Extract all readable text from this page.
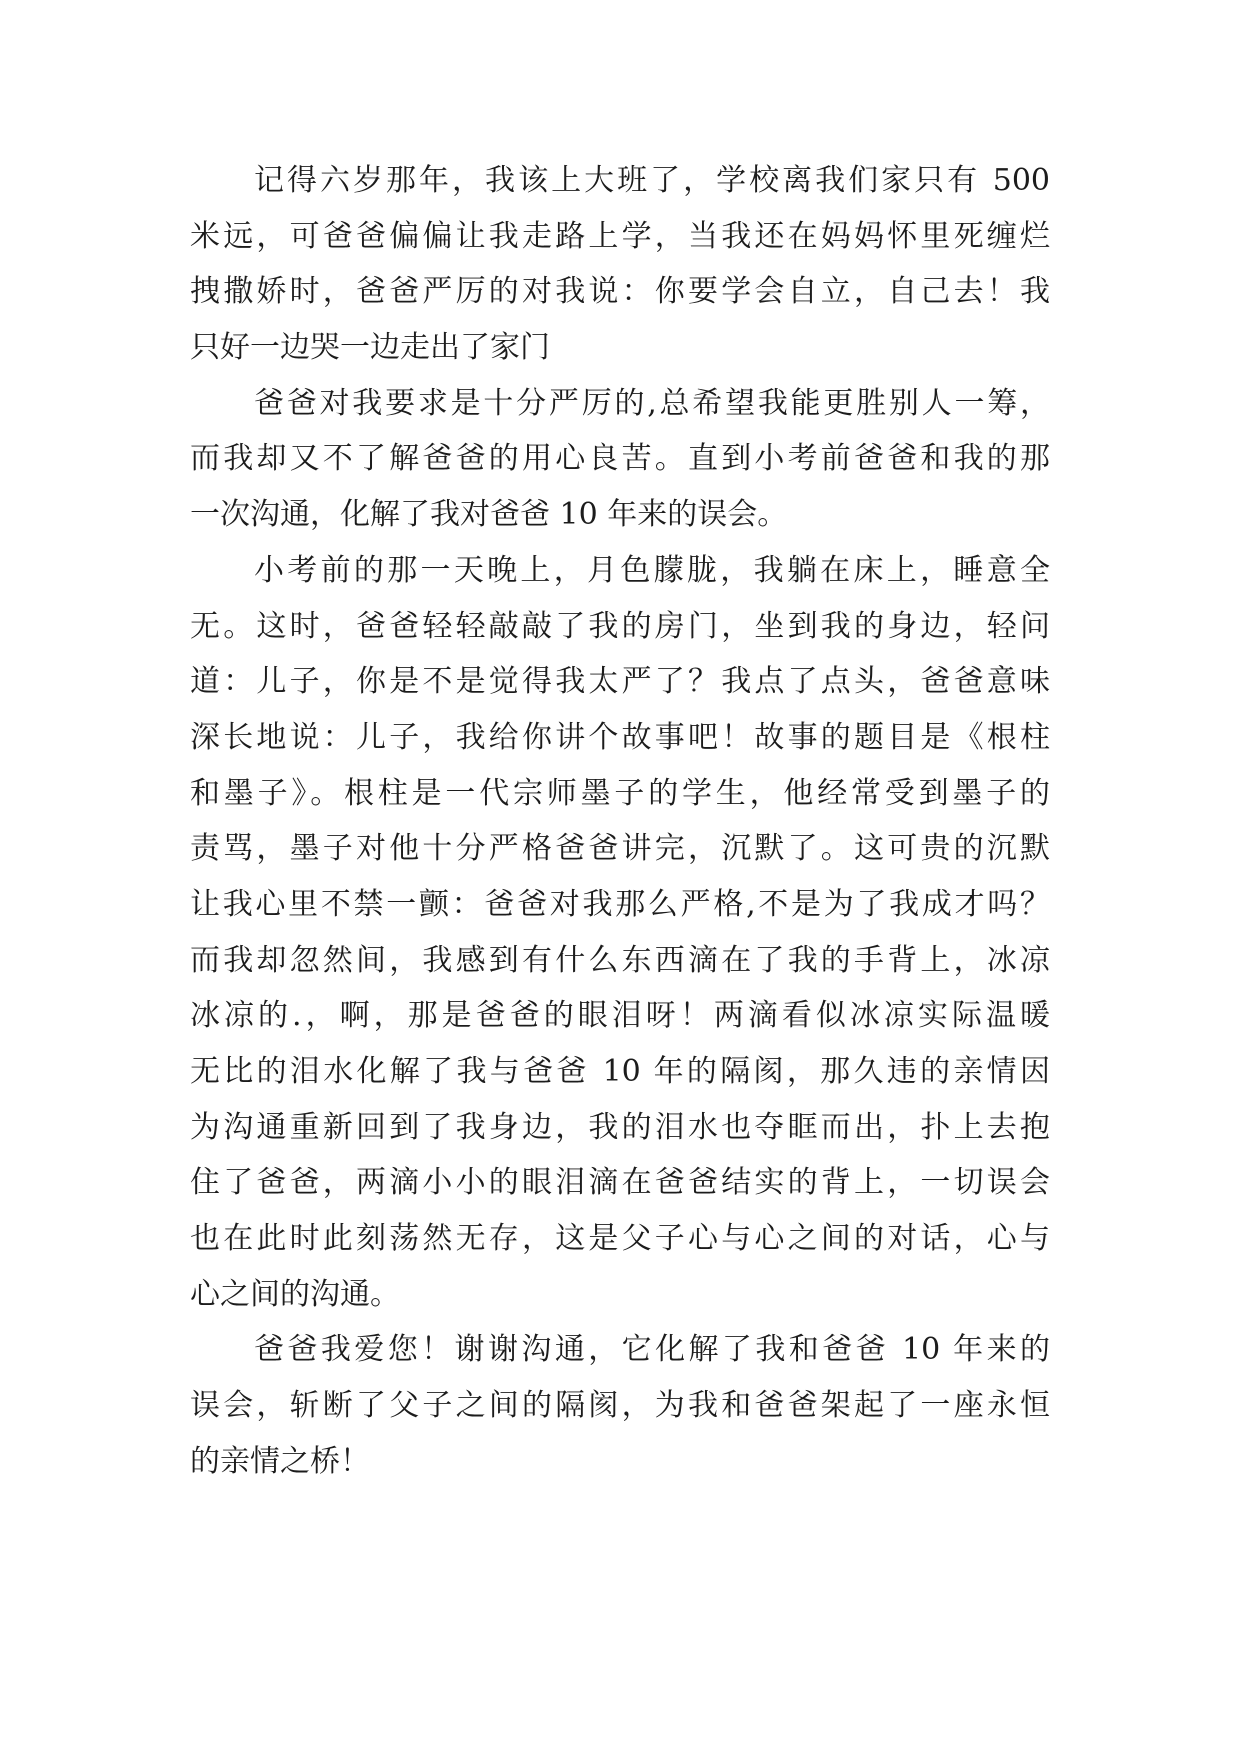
记得六岁那年，我该上大班了，学校离我们家只有 500
米远，可爸爸偏偏让我走路上学，当我还在妈妈怀里死缠烂
拽撒娇时，爸爸严厉的对我说：你要学会自立，自己去！我
只好一边哭一边走出了家门
爸爸对我要求是十分严厉的,总希望我能更胜别人一筹，
而我却又不了解爸爸的用心良苦。直到小考前爸爸和我的那
一次沟通，化解了我对爸爸 10 年来的误会。
小考前的那一天晚上，月色朦胧，我躺在床上，睡意全
无。这时，爸爸轻轻敲敲了我的房门，坐到我的身边，轻问
道：儿子，你是不是觉得我太严了？我点了点头，爸爸意味
深长地说：儿子，我给你讲个故事吧！故事的题目是《根柱
和墨子》。根柱是一代宗师墨子的学生，他经常受到墨子的
责骂，墨子对他十分严格爸爸讲完，沉默了。这可贵的沉默
让我心里不禁一颤：爸爸对我那么严格,不是为了我成才吗？
而我却忽然间，我感到有什么东西滴在了我的手背上，冰凉
冰凉的.，啊，那是爸爸的眼泪呀！两滴看似冰凉实际温暖
无比的泪水化解了我与爸爸 10 年的隔阂，那久违的亲情因
为沟通重新回到了我身边，我的泪水也夺眶而出，扑上去抱
住了爸爸，两滴小小的眼泪滴在爸爸结实的背上，一切误会
也在此时此刻荡然无存，这是父子心与心之间的对话，心与
心之间的沟通。
爸爸我爱您！谢谢沟通，它化解了我和爸爸 10 年来的
误会，斩断了父子之间的隔阂，为我和爸爸架起了一座永恒
的亲情之桥！
